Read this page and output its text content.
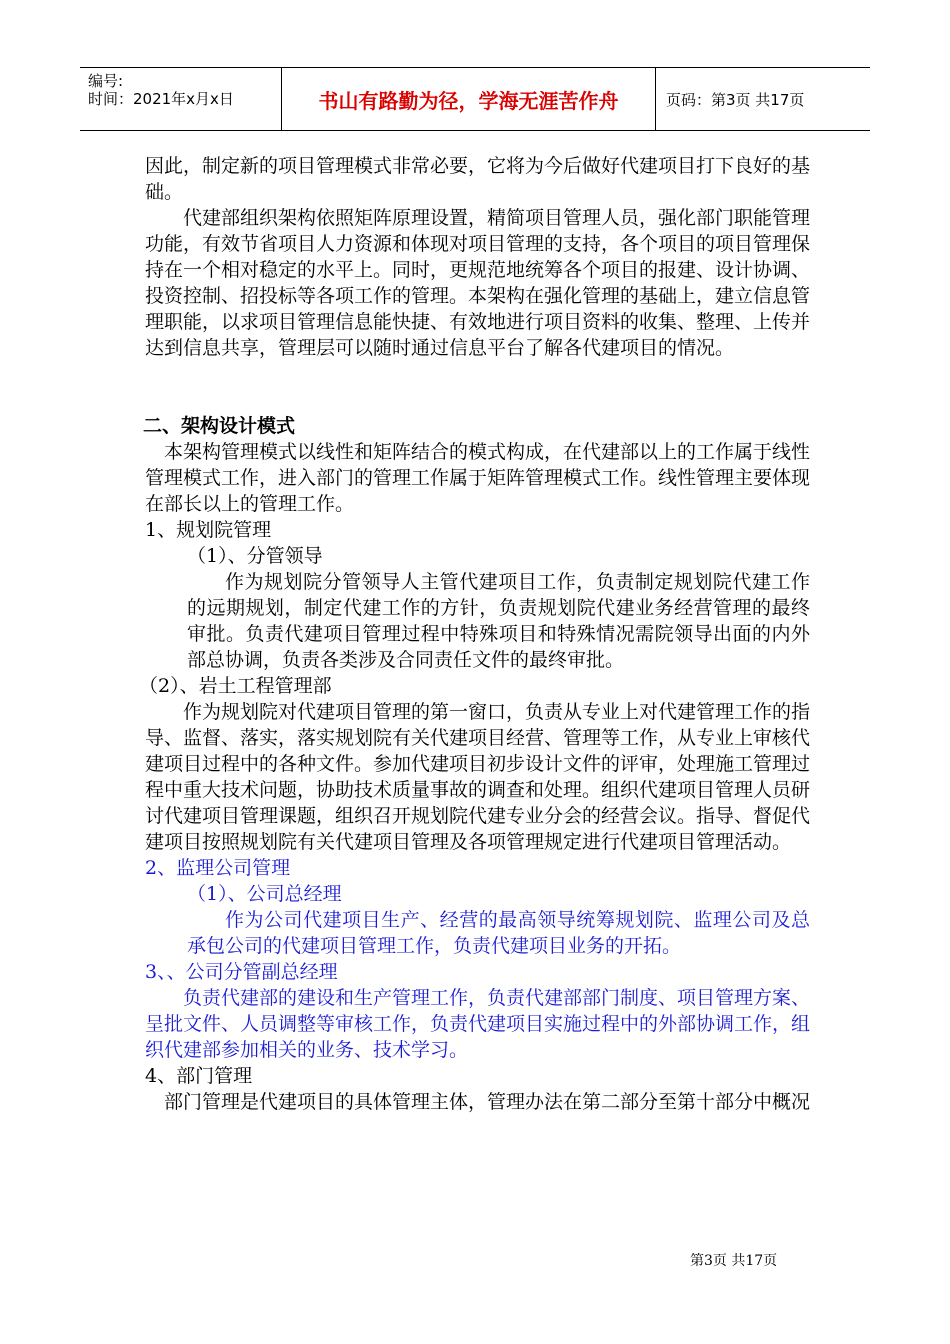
编号:
时间：2021年x月x日	书山有路勤为径，学海无涯苦作舟	页码：第3页 共17页

因此，制定新的项目管理模式非常必要，它将为今后做好代建项目打下良好的基础。

代建部组织架构依照矩阵原理设置，精简项目管理人员，强化部门职能管理功能，有效节省项目人力资源和体现对项目管理的支持，各个项目的项目管理保持在一个相对稳定的水平上。同时，更规范地统筹各个项目的报建、设计协调、投资控制、招投标等各项工作的管理。本架构在强化管理的基础上，建立信息管理职能，以求项目管理信息能快捷、有效地进行项目资料的收集、整理、上传并达到信息共享，管理层可以随时通过信息平台了解各代建项目的情况。

二、架构设计模式

本架构管理模式以线性和矩阵结合的模式构成，在代建部以上的工作属于线性管理模式工作，进入部门的管理工作属于矩阵管理模式工作。线性管理主要体现在部长以上的管理工作。

1、规划院管理

（1）、分管领导

作为规划院分管领导人主管代建项目工作，负责制定规划院代建工作的远期规划，制定代建工作的方针，负责规划院代建业务经营管理的最终审批。负责代建项目管理过程中特殊项目和特殊情况需院领导出面的内外部总协调，负责各类涉及合同责任文件的最终审批。

（2）、岩土工程管理部

作为规划院对代建项目管理的第一窗口，负责从专业上对代建管理工作的指导、监督、落实，落实规划院有关代建项目经营、管理等工作，从专业上审核代建项目过程中的各种文件。参加代建项目初步设计文件的评审，处理施工管理过程中重大技术问题，协助技术质量事故的调查和处理。组织代建项目管理人员研讨代建项目管理课题，组织召开规划院代建专业分会的经营会议。指导、督促代建项目按照规划院有关代建项目管理及各项管理规定进行代建项目管理活动。

2、监理公司管理

（1）、公司总经理

作为公司代建项目生产、经营的最高领导统筹规划院、监理公司及总承包公司的代建项目管理工作，负责代建项目业务的开拓。

3、、公司分管副总经理

负责代建部的建设和生产管理工作，负责代建部部门制度、项目管理方案、呈批文件、人员调整等审核工作，负责代建项目实施过程中的外部协调工作，组织代建部参加相关的业务、技术学习。

4、部门管理

部门管理是代建项目的具体管理主体，管理办法在第二部分至第十部分中概况

第3页 共17页
